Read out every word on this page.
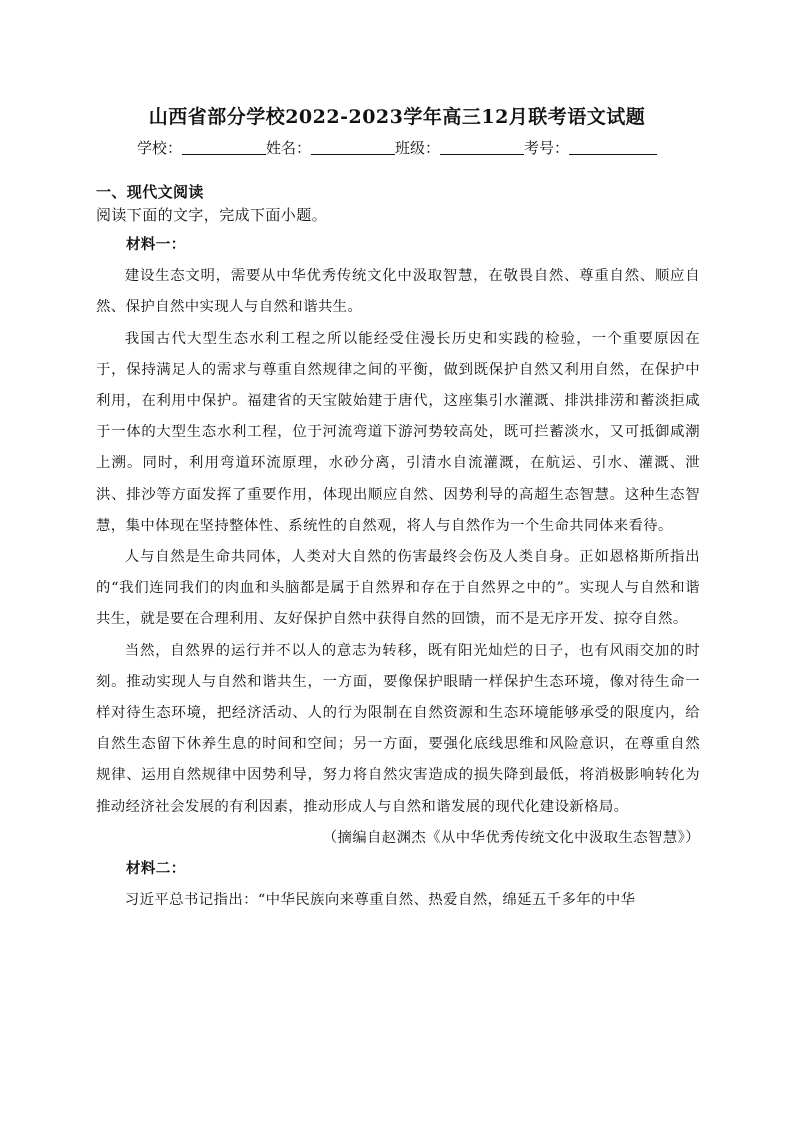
山西省部分学校2022-2023学年高三12月联考语文试题
学校：	姓名：	班级：	考号：

一、现代文阅读

阅读下面的文字，完成下面小题。

材料一：

建设生态文明，需要从中华优秀传统文化中汲取智慧，在敬畏自然、尊重自然、顺应自然、保护自然中实现人与自然和谐共生。

我国古代大型生态水利工程之所以能经受住漫长历史和实践的检验，一个重要原因在于，保持满足人的需求与尊重自然规律之间的平衡，做到既保护自然又利用自然，在保护中利用，在利用中保护。福建省的天宝陂始建于唐代，这座集引水灌溉、排洪排涝和蓄淡拒咸于一体的大型生态水利工程，位于河流弯道下游河势较高处，既可拦蓄淡水，又可抵御咸潮上溯。同时，利用弯道环流原理，水砂分离，引清水自流灌溉，在航运、引水、灌溉、泄洪、排沙等方面发挥了重要作用，体现出顺应自然、因势利导的高超生态智慧。这种生态智慧，集中体现在坚持整体性、系统性的自然观，将人与自然作为一个生命共同体来看待。

人与自然是生命共同体，人类对大自然的伤害最终会伤及人类自身。正如恩格斯所指出的“我们连同我们的肉血和头脑都是属于自然界和存在于自然界之中的”。实现人与自然和谐共生，就是要在合理利用、友好保护自然中获得自然的回馈，而不是无序开发、掠夺自然。

当然，自然界的运行并不以人的意志为转移，既有阳光灿烂的日子，也有风雨交加的时刻。推动实现人与自然和谐共生，一方面，要像保护眼睛一样保护生态环境，像对待生命一样对待生态环境，把经济活动、人的行为限制在自然资源和生态环境能够承受的限度内，给自然生态留下休养生息的时间和空间；另一方面，要强化底线思维和风险意识，在尊重自然规律、运用自然规律中因势利导，努力将自然灾害造成的损失降到最低，将消极影响转化为推动经济社会发展的有利因素，推动形成人与自然和谐发展的现代化建设新格局。

（摘编自赵渊杰《从中华优秀传统文化中汲取生态智慧》）

材料二：

习近平总书记指出：“中华民族向来尊重自然、热爱自然，绵延五千多年的中华
